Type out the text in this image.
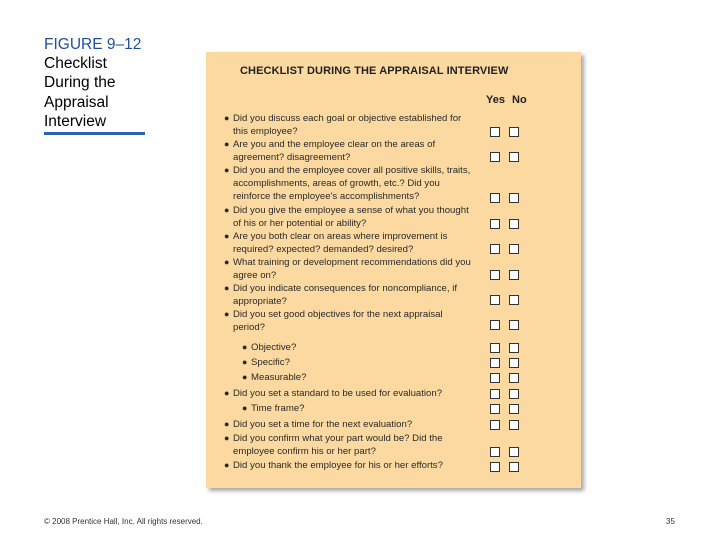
FIGURE 9–12
Checklist
During the
Appraisal
Interview
CHECKLIST DURING THE APPRAISAL INTERVIEW
Yes No
● Did you discuss each goal or objective established for this employee?
● Are you and the employee clear on the areas of agreement? disagreement?
● Did you and the employee cover all positive skills, traits, accomplishments, areas of growth, etc.? Did you reinforce the employee's accomplishments?
● Did you give the employee a sense of what you thought of his or her potential or ability?
● Are you both clear on areas where improvement is required? expected? demanded? desired?
● What training or development recommendations did you agree on?
● Did you indicate consequences for noncompliance, if appropriate?
● Did you set good objectives for the next appraisal period?
● Objective?
● Specific?
● Measurable?
● Did you set a standard to be used for evaluation?
● Time frame?
● Did you set a time for the next evaluation?
● Did you confirm what your part would be? Did the employee confirm his or her part?
● Did you thank the employee for his or her efforts?
© 2008 Prentice Hall, Inc. All rights reserved.	35
